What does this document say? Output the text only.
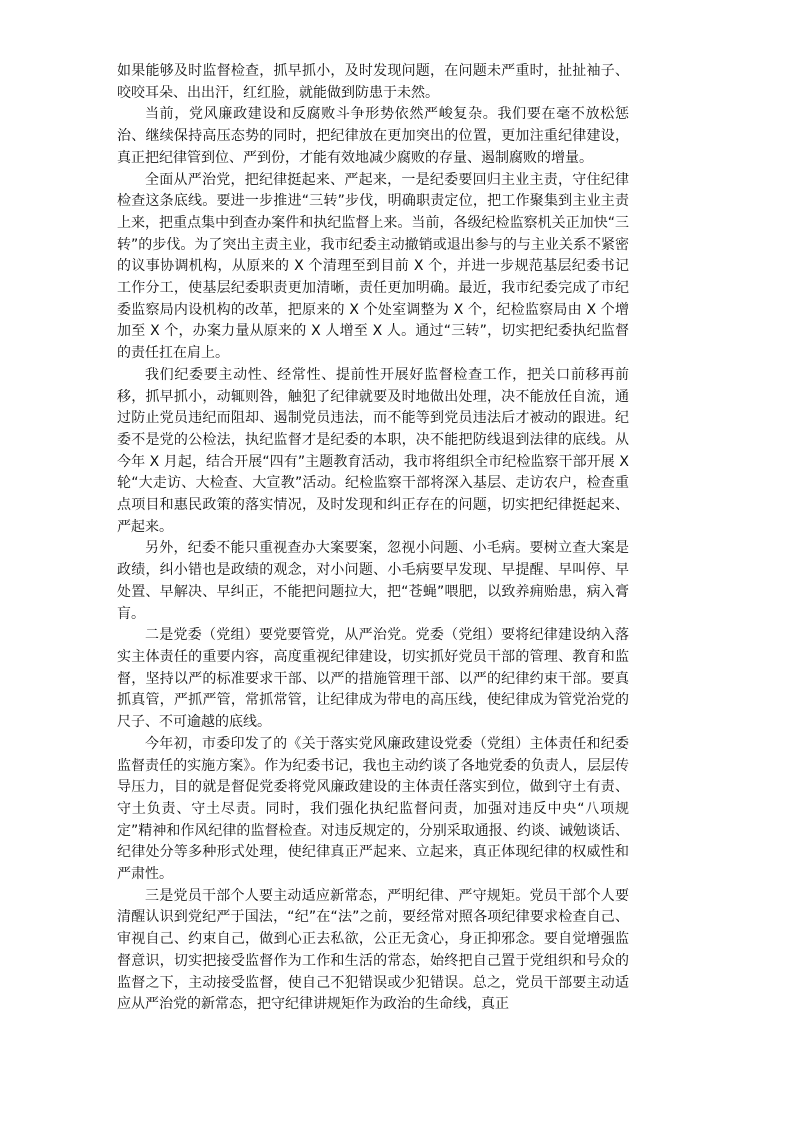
如果能够及时监督检查，抓早抓小，及时发现问题，在问题未严重时，扯扯袖子、咬咬耳朵、出出汗，红红脸，就能做到防患于未然。

当前，党风廉政建设和反腐败斗争形势依然严峻复杂。我们要在毫不放松惩治、继续保持高压态势的同时，把纪律放在更加突出的位置，更加注重纪律建设，真正把纪律管到位、严到份，才能有效地减少腐败的存量、遏制腐败的增量。

全面从严治党，把纪律挺起来、严起来，一是纪委要回归主业主责，守住纪律检查这条底线。要进一步推进“三转”步伐，明确职责定位，把工作聚集到主业主责上来，把重点集中到查办案件和执纪监督上来。当前，各级纪检监察机关正加快“三转”的步伐。为了突出主责主业，我市纪委主动撤销或退出参与的与主业关系不紧密的议事协调机构，从原来的 X 个清理至到目前 X 个，并进一步规范基层纪委书记工作分工，使基层纪委职责更加清晰，责任更加明确。最近，我市纪委完成了市纪委监察局内设机构的改革，把原来的 X 个处室调整为 X 个，纪检监察局由 X 个增加至 X 个，办案力量从原来的 X 人增至 X 人。通过“三转”，切实把纪委执纪监督的责任扛在肩上。

我们纪委要主动性、经常性、提前性开展好监督检查工作，把关口前移再前移，抓早抓小，动辄则咎，触犯了纪律就要及时地做出处理，决不能放任自流，通过防止党员违纪而阻却、遏制党员违法，而不能等到党员违法后才被动的跟进。纪委不是党的公检法，执纪监督才是纪委的本职，决不能把防线退到法律的底线。从今年 X 月起，结合开展“四有”主题教育活动，我市将组织全市纪检监察干部开展 X 轮“大走访、大检查、大宣教”活动。纪检监察干部将深入基层、走访农户，检查重点项目和惠民政策的落实情况，及时发现和纠正存在的问题，切实把纪律挺起来、严起来。

另外，纪委不能只重视查办大案要案，忽视小问题、小毛病。要树立查大案是政绩，纠小错也是政绩的观念，对小问题、小毛病要早发现、早提醒、早叫停、早处置、早解决、早纠正，不能把问题拉大，把“苍蝇”喂肥，以致养痈贻患，病入膏肓。

二是党委（党组）要党要管党，从严治党。党委（党组）要将纪律建设纳入落实主体责任的重要内容，高度重视纪律建设，切实抓好党员干部的管理、教育和监督，坚持以严的标准要求干部、以严的措施管理干部、以严的纪律约束干部。要真抓真管，严抓严管，常抓常管，让纪律成为带电的高压线，使纪律成为管党治党的尺子、不可逾越的底线。

今年初，市委印发了的《关于落实党风廉政建设党委（党组）主体责任和纪委监督责任的实施方案》。作为纪委书记，我也主动约谈了各地党委的负责人，层层传导压力，目的就是督促党委将党风廉政建设的主体责任落实到位，做到守土有责、守土负责、守土尽责。同时，我们强化执纪监督问责，加强对违反中央“八项规定”精神和作风纪律的监督检查。对违反规定的，分别采取通报、约谈、诫勉谈话、纪律处分等多种形式处理，使纪律真正严起来、立起来，真正体现纪律的权威性和严肃性。

三是党员干部个人要主动适应新常态，严明纪律、严守规矩。党员干部个人要清醒认识到党纪严于国法，“纪”在“法”之前，要经常对照各项纪律要求检查自己、审视自己、约束自己，做到心正去私欲，公正无贪心，身正抑邪念。要自觉增强监督意识，切实把接受监督作为工作和生活的常态，始终把自己置于党组织和号众的监督之下，主动接受监督，使自己不犯错误或少犯错误。总之，党员干部要主动适应从严治党的新常态，把守纪律讲规矩作为政治的生命线，真正
